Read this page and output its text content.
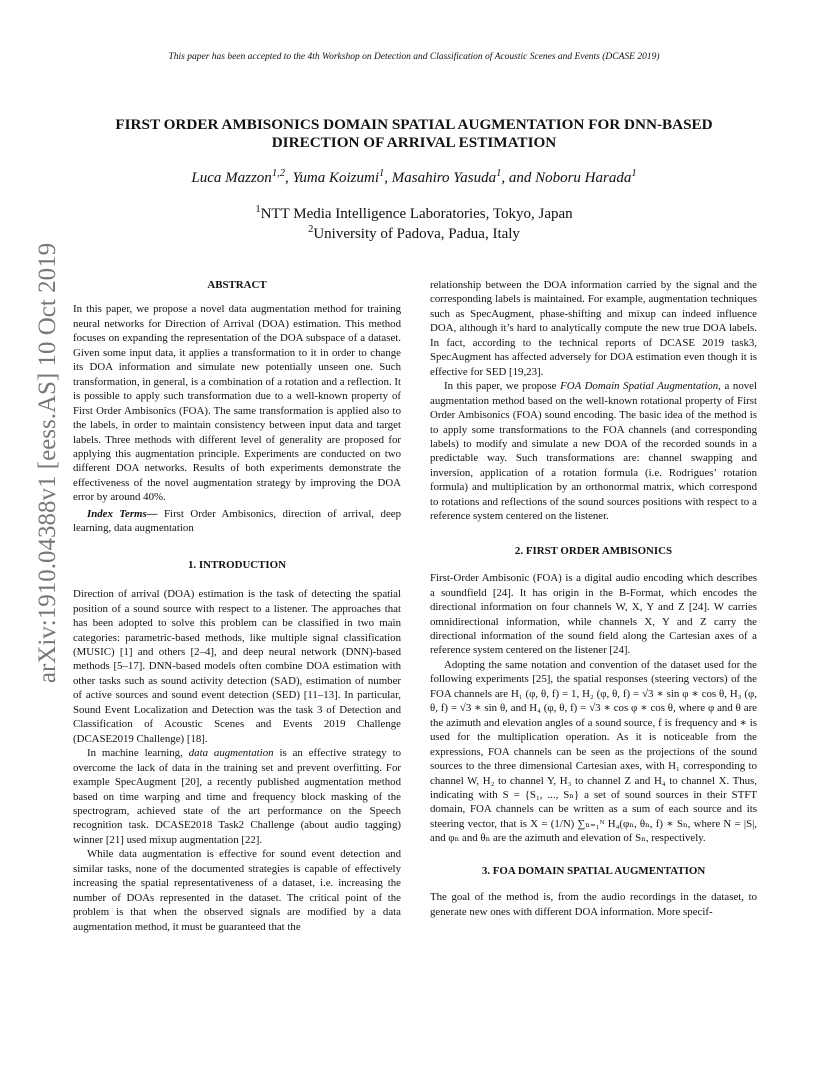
This paper has been accepted to the 4th Workshop on Detection and Classification of Acoustic Scenes and Events (DCASE 2019)
FIRST ORDER AMBISONICS DOMAIN SPATIAL AUGMENTATION FOR DNN-BASED DIRECTION OF ARRIVAL ESTIMATION
Luca Mazzon$^{1,2}$, Yuma Koizumi$^1$, Masahiro Yasuda$^1$, and Noboru Harada$^1$
$^1$NTT Media Intelligence Laboratories, Tokyo, Japan
$^2$University of Padova, Padua, Italy
arXiv:1910.04388v1 [eess.AS] 10 Oct 2019	ABSTRACT

In this paper, we propose a novel data augmentation method for training neural networks for Direction of Arrival (DOA) estimation. This method focuses on expanding the representation of the DOA subspace of a dataset. Given some input data, it applies a transformation to it in order to change its DOA information and simulate new potentially unseen one. Such transformation, in general, is a combination of a rotation and a reflection. It is possible to apply such transformation due to a well-known property of First Order Ambisonics (FOA). The same transformation is applied also to the labels, in order to maintain consistency between input data and target labels. Three methods with different level of generality are proposed for applying this augmentation principle. Experiments are conducted on two different DOA networks. Results of both experiments demonstrate the effectiveness of the novel augmentation strategy by improving the DOA error by around 40%.

Index Terms— First Order Ambisonics, direction of arrival, deep learning, data augmentation

1. INTRODUCTION

Direction of arrival (DOA) estimation is the task of detecting the spatial position of a sound source with respect to a listener. The approaches that has been adopted to solve this problem can be classified in two main categories: parametric-based methods, like multiple signal classification (MUSIC) [1] and others [2–4], and deep neural network (DNN)-based methods [5–17]. DNN-based models often combine DOA estimation with other tasks such as sound activity detection (SAD), estimation of number of active sources and sound event detection (SED) [11–13]. In particular, Sound Event Localization and Detection was the task 3 of Detection and Classification of Acoustic Scenes and Events 2019 Challenge (DCASE2019 Challenge) [18].

In machine learning, data augmentation is an effective strategy to overcome the lack of data in the training set and prevent overfitting. For example SpecAugment [20], a recently published augmentation method based on time warping and time and frequency block masking of the spectrogram, achieved state of the art performance on the Speech recognition task. DCASE2018 Task2 Challenge (about audio tagging) winner [21] used mixup augmentation [22].

While data augmentation is effective for sound event detection and similar tasks, none of the documented strategies is capable of effectively increasing the spatial representativeness of a dataset, i.e. increasing the number of DOAs represented in the dataset. The critical point of the problem is that when the observed signals are modified by a data augmentation method, it must be guaranteed that the

relationship between the DOA information carried by the signal and the corresponding labels is maintained. For example, augmentation techniques such as SpecAugment, phase-shifting and mixup can indeed influence DOA, although it’s hard to analytically compute the new true DOA labels. In fact, according to the technical reports of DCASE 2019 task3, SpecAugment has affected adversely for DOA estimation even though it is effective for SED [19,23].

In this paper, we propose FOA Domain Spatial Augmentation, a novel augmentation method based on the well-known rotational property of First Order Ambisonics (FOA) sound encoding. The basic idea of the method is to apply some transformations to the FOA channels (and corresponding labels) to modify and simulate a new DOA of the recorded sounds in a predictable way. Such transformations are: channel swapping and inversion, application of a rotation formula (i.e. Rodrigues’ rotation formula) and multiplication by an orthonormal matrix, which correspond to rotations and reflections of the sound sources positions with respect to a reference system centered on the listener.

2. FIRST ORDER AMBISONICS

First-Order Ambisonic (FOA) is a digital audio encoding which describes a soundfield [24]. It has origin in the B-Format, which encodes the directional information on four channels W, X, Y and Z [24]. W carries omnidirectional information, while channels X, Y and Z carry the directional information of the sound field along the Cartesian axes of a reference system centered on the listener [24].

Adopting the same notation and convention of the dataset used for the following experiments [25], the spatial responses (steering vectors) of the FOA channels are H₁ (φ, θ, f) = 1, H₂ (φ, θ, f) = √3 ∗ sin φ ∗ cos θ, H₃ (φ, θ, f) = √3 ∗ sin θ, and H₄ (φ, θ, f) = √3 ∗ cos φ ∗ cos θ, where φ and θ are the azimuth and elevation angles of a sound source, f is frequency and ∗ is used for the multiplication operation. As it is noticeable from the expressions, FOA channels can be seen as the projections of the sound sources to the three dimensional Cartesian axes, with H₁ corresponding to channel W, H₂ to channel Y, H₃ to channel Z and H₄ to channel X. Thus, indicating with S = {S₁, ..., Sₙ} a set of sound sources in their STFT domain, FOA channels can be written as a sum of each source and its steering vector, that is X = (1/N) ∑ₙ₌₁ᴺ H₄(φₙ, θₙ, f) ∗ Sₙ, where N = |S|, and φₙ and θₙ are the azimuth and elevation of Sₙ, respectively.

3. FOA DOMAIN SPATIAL AUGMENTATION

The goal of the method is, from the audio recordings in the dataset, to generate new ones with different DOA information. More specif-
